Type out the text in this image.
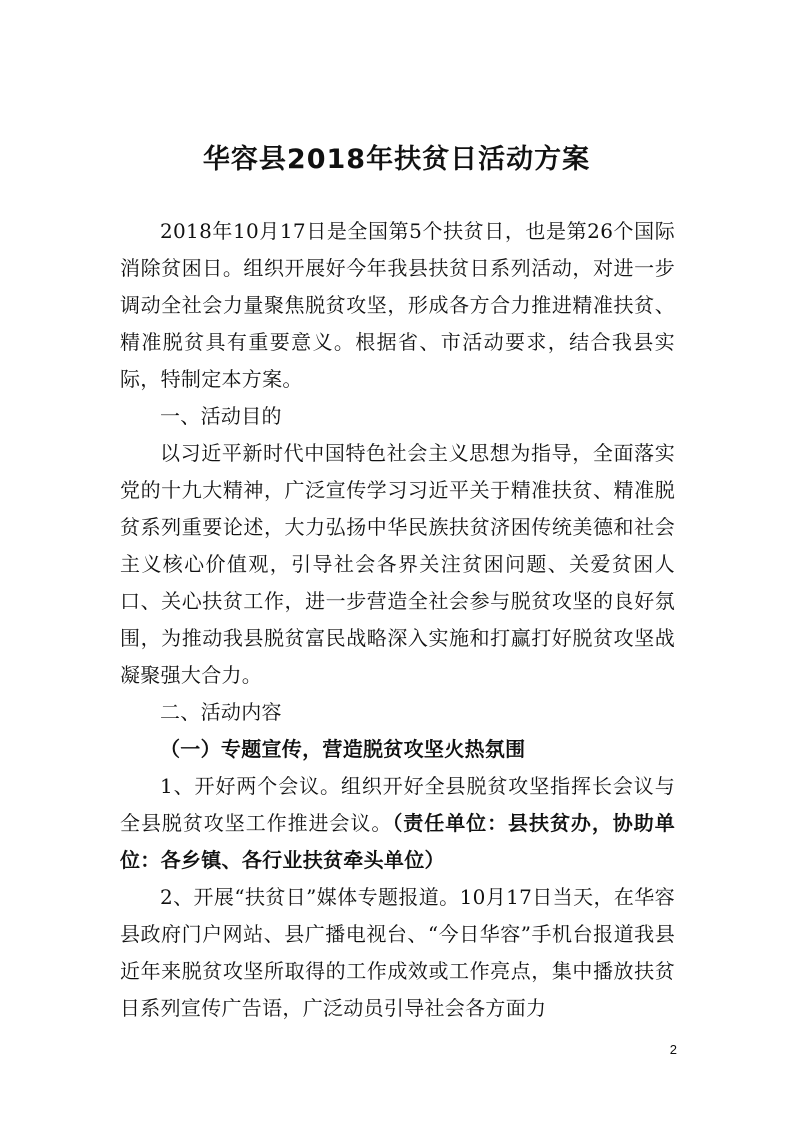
华容县2018年扶贫日活动方案

2018年10月17日是全国第5个扶贫日，也是第26个国际消除贫困日。组织开展好今年我县扶贫日系列活动，对进一步调动全社会力量聚焦脱贫攻坚，形成各方合力推进精准扶贫、精准脱贫具有重要意义。根据省、市活动要求，结合我县实际，特制定本方案。

一、活动目的

以习近平新时代中国特色社会主义思想为指导，全面落实党的十九大精神，广泛宣传学习习近平关于精准扶贫、精准脱贫系列重要论述，大力弘扬中华民族扶贫济困传统美德和社会主义核心价值观，引导社会各界关注贫困问题、关爱贫困人口、关心扶贫工作，进一步营造全社会参与脱贫攻坚的良好氛围，为推动我县脱贫富民战略深入实施和打赢打好脱贫攻坚战凝聚强大合力。

二、活动内容

（一）专题宣传，营造脱贫攻坚火热氛围

1、开好两个会议。组织开好全县脱贫攻坚指挥长会议与全县脱贫攻坚工作推进会议。（责任单位：县扶贫办，协助单位：各乡镇、各行业扶贫牵头单位）

2、开展“扶贫日”媒体专题报道。10月17日当天，在华容县政府门户网站、县广播电视台、“今日华容”手机台报道我县近年来脱贫攻坚所取得的工作成效或工作亮点，集中播放扶贫日系列宣传广告语，广泛动员引导社会各方面力

2
